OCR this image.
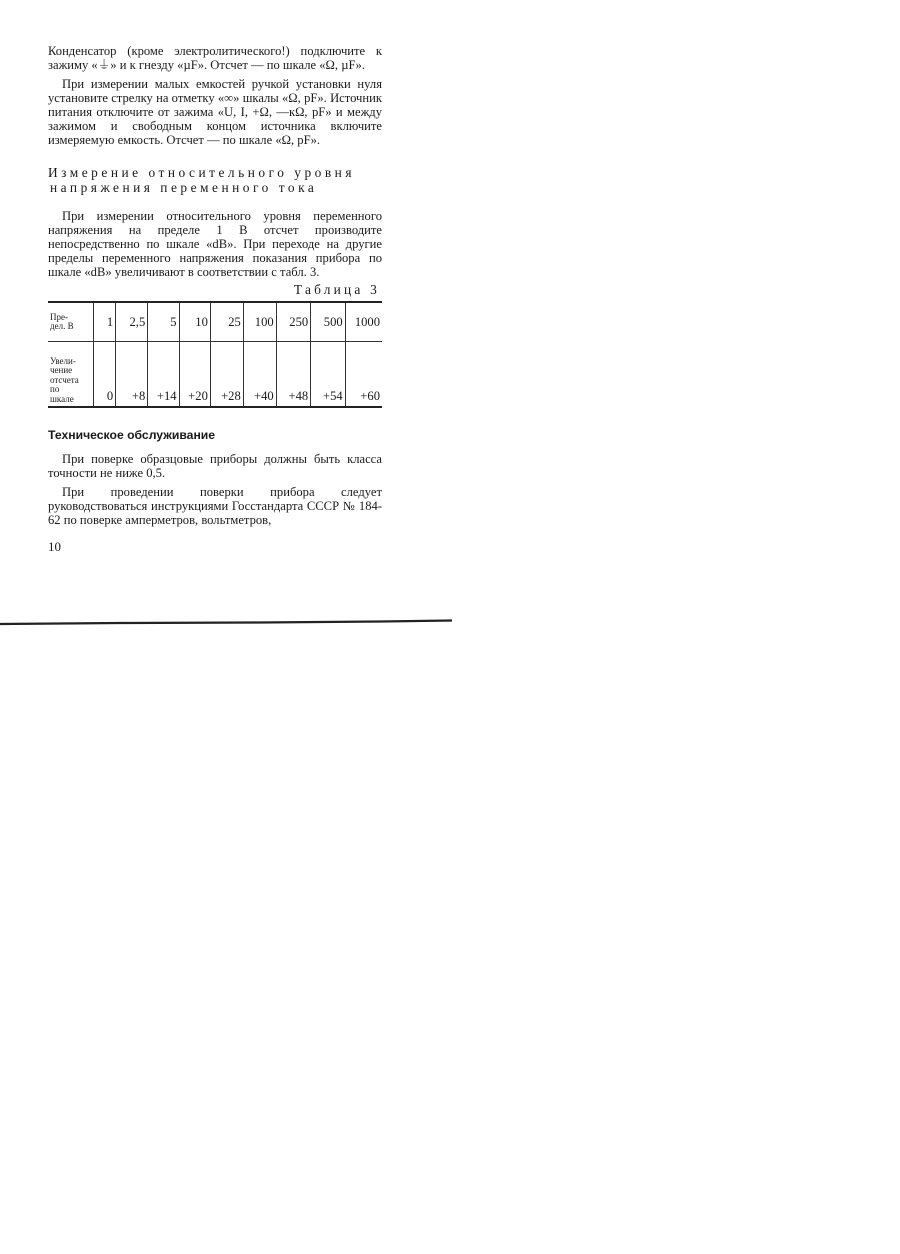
Конденсатор (кроме электролитического!) подключите к зажиму «⏚» и к гнезду «µF». Отсчет — по шкале «Ω, µF».

При измерении малых емкостей ручкой установки нуля установите стрелку на отметку «∞» шкалы «Ω, pF». Источник питания отключите от зажима «U, I, +Ω, —кΩ, pF» и между зажимом и свободным концом источника включите измеряемую емкость. Отсчет — по шкале «Ω, pF».

Измерение относительного уровня
напряжения переменного тока

При измерении относительного уровня переменного напряжения на пределе 1 В отсчет производите непосредственно по шкале «dB». При переходе на другие пределы переменного напряжения показания прибора по шкале «dB» увеличивают в соответствии с табл. 3.

Таблица 3
Пре-
дел. В	1	2,5	5	10	25	100	250	500	1000

Увели-
чение
отсчета
по
шкале	0	+8	+14	+20	+28	+40	+48	+54	+60
Техническое обслуживание

При поверке образцовые приборы должны быть класса точности не ниже 0,5.

При проведении поверки прибора следует руководствоваться инструкциями Госстандарта СССР № 184-62 по поверке амперметров, вольтметров,

10
